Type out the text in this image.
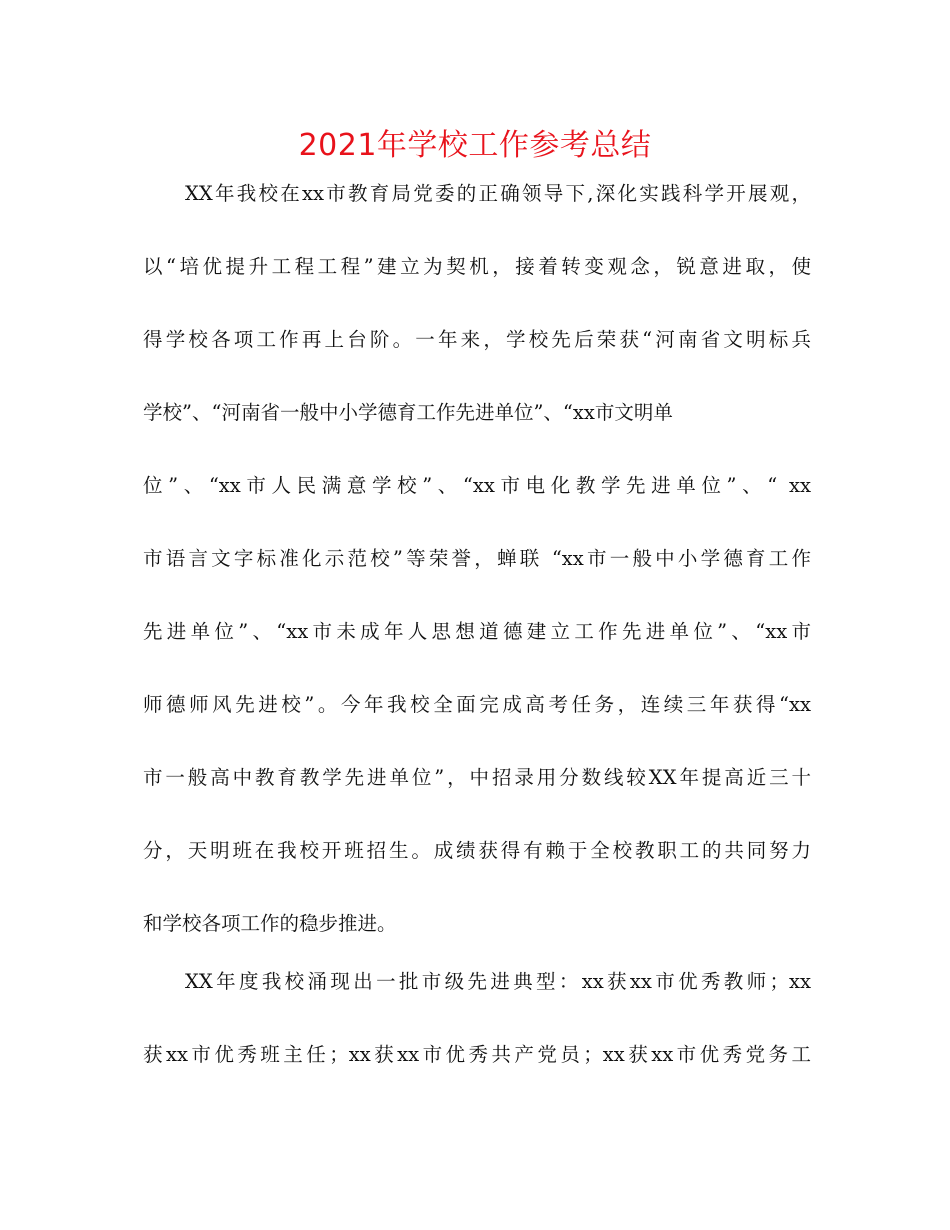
2021年学校工作参考总结
XX年我校在xx市教育局党委的正确领导下,深化实践科学开展观，
以“培优提升工程工程”建立为契机，接着转变观念，锐意进取，使
得学校各项工作再上台阶。一年来，学校先后荣获“河南省文明标兵
学校”、“河南省一般中小学德育工作先进单位”、“xx市文明单
位”、“xx市人民满意学校”、“xx市电化教学先进单位”、“ xx
市语言文字标准化示范校”等荣誉，蝉联 “xx市一般中小学德育工作
先进单位”、“xx市未成年人思想道德建立工作先进单位”、“xx市
师德师风先进校”。今年我校全面完成高考任务，连续三年获得“xx
市一般高中教育教学先进单位”，中招录用分数线较XX年提高近三十
分，天明班在我校开班招生。成绩获得有赖于全校教职工的共同努力
和学校各项工作的稳步推进。
XX年度我校涌现出一批市级先进典型：xx获xx市优秀教师；xx
获xx市优秀班主任；xx获xx市优秀共产党员；xx获xx市优秀党务工
